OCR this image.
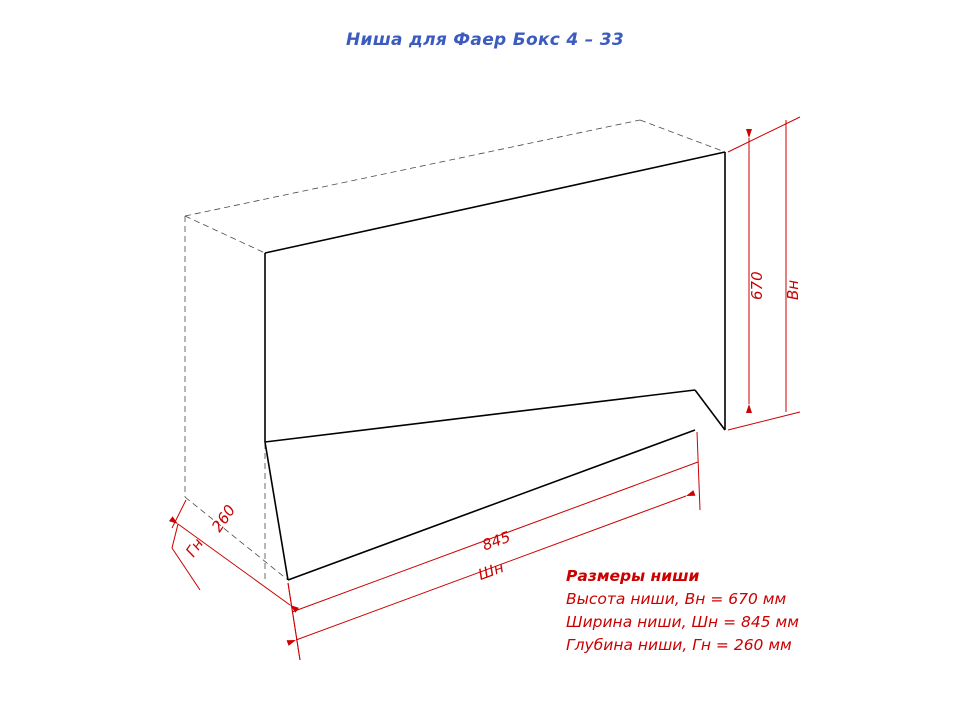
Ниша для Фаер Бокс 4 – 33
670	Вн
845
Шн
260
Гн
Размеры ниши
Высота ниши, Вн = 670 мм
Ширина ниши, Шн = 845 мм
Глубина ниши, Гн = 260 мм
